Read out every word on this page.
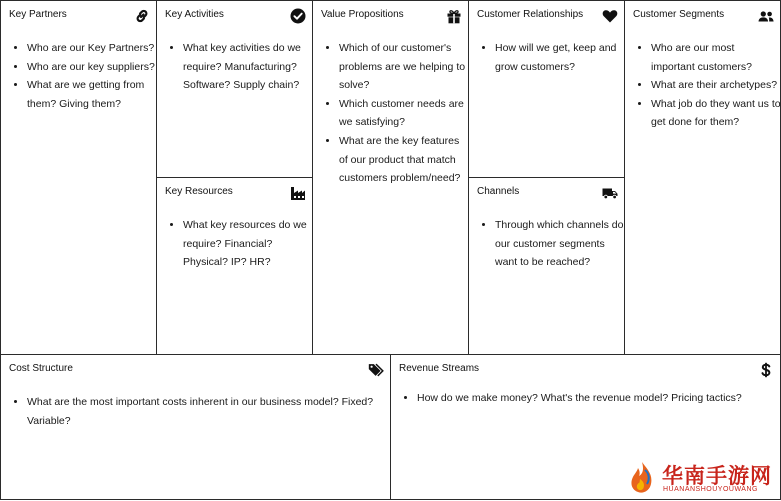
Key Partners
• Who are our Key Partners?
• Who are our key suppliers?
• What are we getting from them? Giving them?
Key Activities
• What key activities do we require? Manufacturing? Software? Supply chain?
Key Resources
• What key resources do we require? Financial? Physical? IP? HR?
Value Propositions
• Which of our customer's problems are we helping to solve?
• Which customer needs are we satisfying?
• What are the key features of our product that match customers problem/need?
Customer Relationships
• How will we get, keep and grow customers?
Channels
• Through which channels do our customer segments want to be reached?
Customer Segments
• Who are our most important customers?
• What are their archetypes?
• What job do they want us to get done for them?
Cost Structure
• What are the most important costs inherent in our business model? Fixed? Variable?
Revenue Streams
• How do we make money? What's the revenue model? Pricing tactics?
华南手游网
HUANANSHOUYOUWANG
